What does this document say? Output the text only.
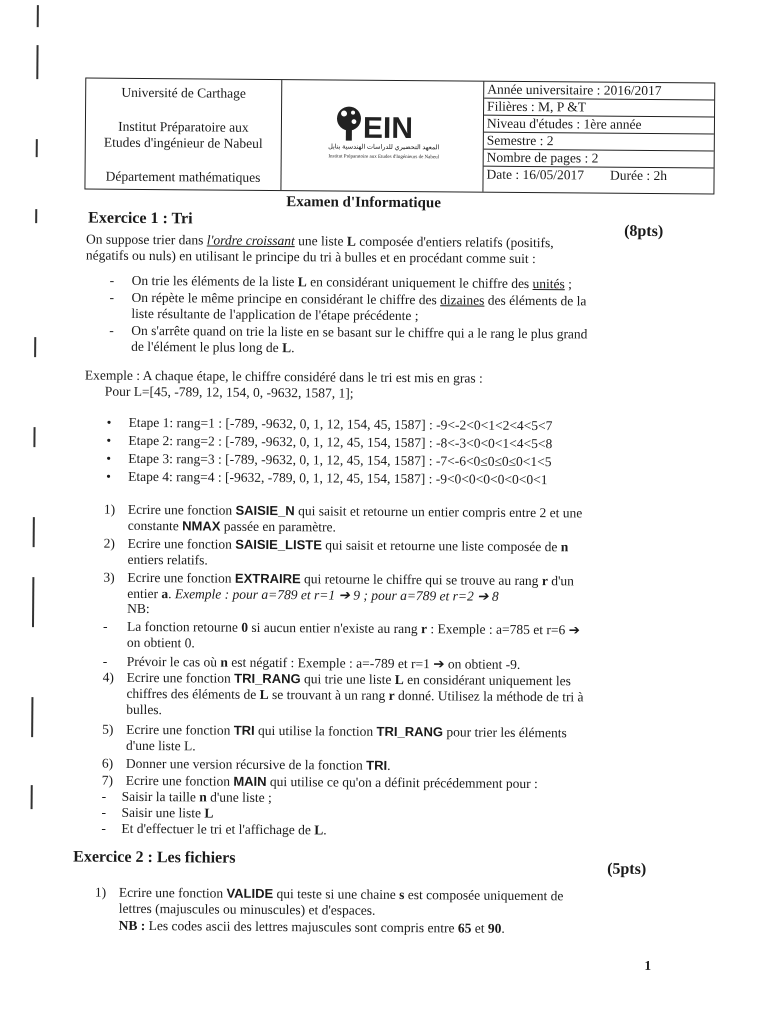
Université de Carthage
Institut Préparatoire aux
Etudes d'ingénieur de Nabeul
Département mathématiques
EIN
المعهد التحضيري للدراسات الهندسية بنابل
Institut Préparatoire aux Etudes d'Ingénieurs de Nabeul
Année universitaire : 2016/2017
Filières : M, P &T
Niveau d'études : 1ère année
Semestre : 2
Nombre de pages : 2
Date : 16/05/2017 Durée : 2h
Examen d'Informatique
Exercice 1 : Tri
(8pts)
On suppose trier dans l'ordre croissant une liste L composée d'entiers relatifs (positifs,
négatifs ou nuls) en utilisant le principe du tri à bulles et en procédant comme suit :
- On trie les éléments de la liste L en considérant uniquement le chiffre des unités ;
- On répète le même principe en considérant le chiffre des dizaines des éléments de la
liste résultante de l'application de l'étape précédente ;
- On s'arrête quand on trie la liste en se basant sur le chiffre qui a le rang le plus grand
de l'élément le plus long de L.
Exemple : A chaque étape, le chiffre considéré dans le tri est mis en gras :
Pour L=[45, -789, 12, 154, 0, -9632, 1587, 1];
• Etape 1: rang=1 : [-789, -9632, 0, 1, 12, 154, 45, 1587] : -9<-2<0<1<2<4<5<7
• Etape 2: rang=2 : [-789, -9632, 0, 1, 12, 45, 154, 1587] : -8<-3<0<0<1<4<5<8
• Etape 3: rang=3 : [-789, -9632, 0, 1, 12, 45, 154, 1587] : -7<-6<0≤0≤0≤0<1<5
• Etape 4: rang=4 : [-9632, -789, 0, 1, 12, 45, 154, 1587] : -9<0<0<0<0<0<0<1
1) Ecrire une fonction SAISIE_N qui saisit et retourne un entier compris entre 2 et une
constante NMAX passée en paramètre.
2) Ecrire une fonction SAISIE_LISTE qui saisit et retourne une liste composée de n
entiers relatifs.
3) Ecrire une fonction EXTRAIRE qui retourne le chiffre qui se trouve au rang r d'un
entier a. Exemple : pour a=789 et r=1 ➔ 9 ; pour a=789 et r=2 ➔ 8
NB:
- La fonction retourne 0 si aucun entier n'existe au rang r : Exemple : a=785 et r=6 ➔
on obtient 0.
- Prévoir le cas où n est négatif : Exemple : a=-789 et r=1 ➔ on obtient -9.
4) Ecrire une fonction TRI_RANG qui trie une liste L en considérant uniquement les
chiffres des éléments de L se trouvant à un rang r donné. Utilisez la méthode de tri à
bulles.
5) Ecrire une fonction TRI qui utilise la fonction TRI_RANG pour trier les éléments
d'une liste L.
6) Donner une version récursive de la fonction TRI.
7) Ecrire une fonction MAIN qui utilise ce qu'on a définit précédemment pour :
- Saisir la taille n d'une liste ;
- Saisir une liste L
- Et d'effectuer le tri et l'affichage de L.
Exercice 2 : Les fichiers
(5pts)
1) Ecrire une fonction VALIDE qui teste si une chaine s est composée uniquement de
lettres (majuscules ou minuscules) et d'espaces.
NB : Les codes ascii des lettres majuscules sont compris entre 65 et 90.
1
